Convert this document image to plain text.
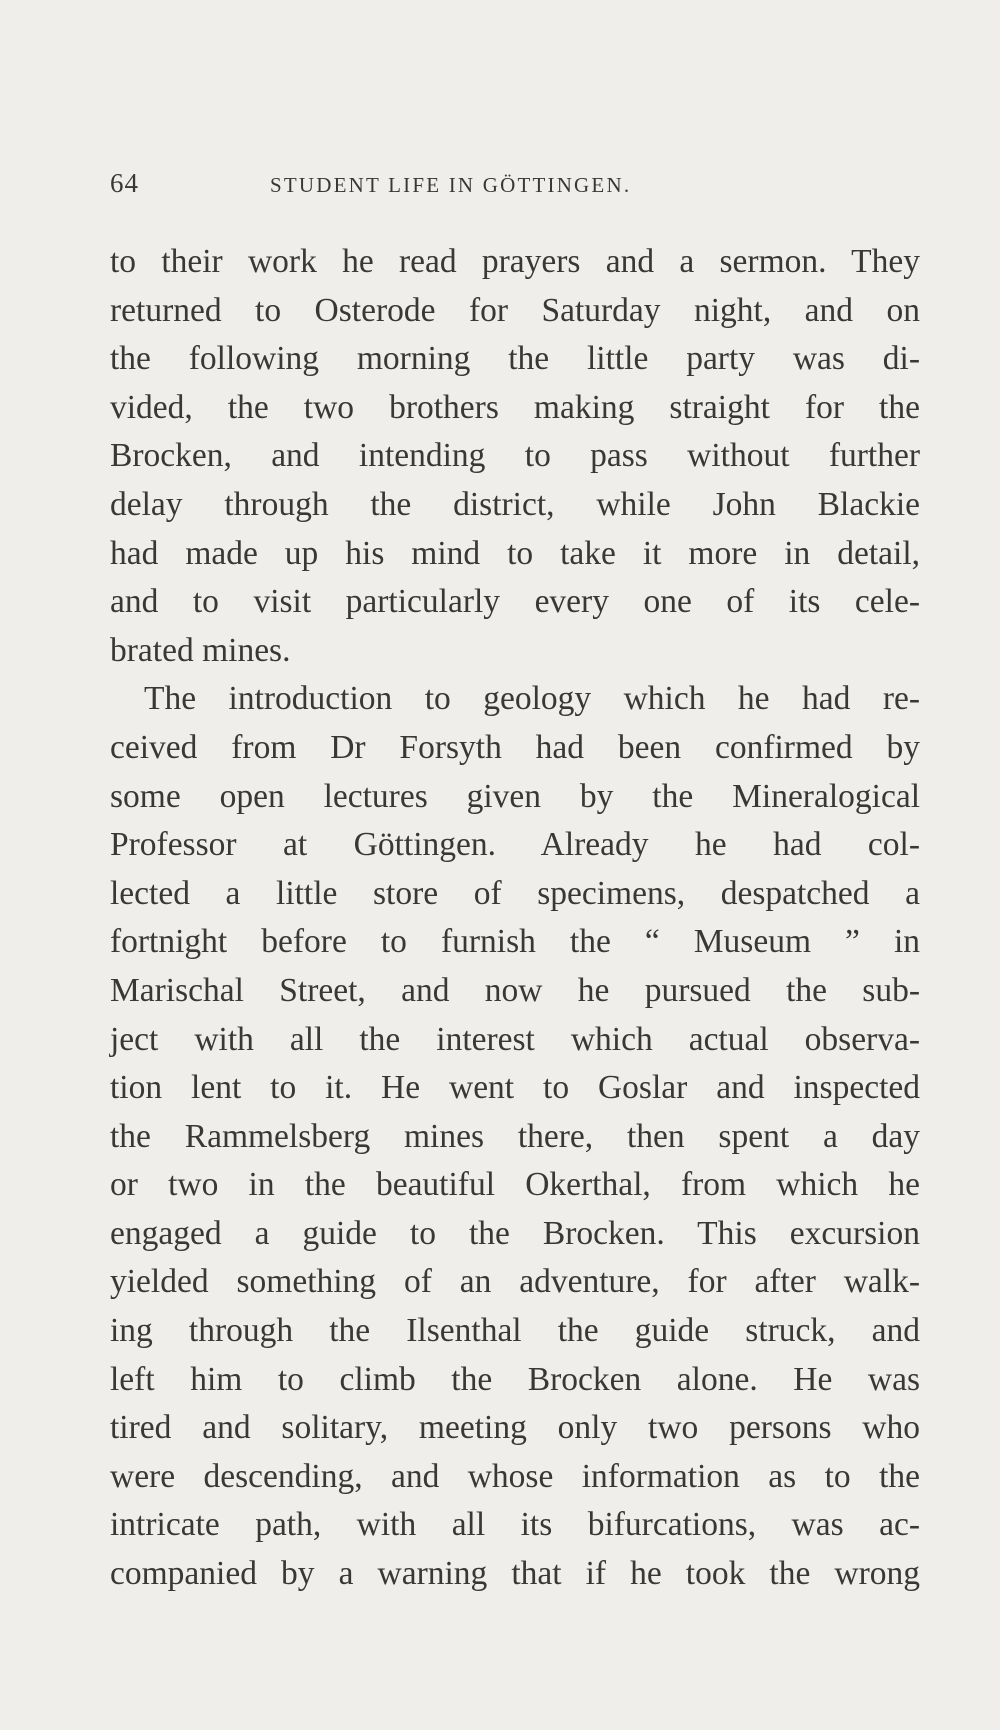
64	STUDENT LIFE IN GÖTTINGEN.
to their work he read prayers and a sermon. They
returned to Osterode for Saturday night, and on
the following morning the little party was di-
vided, the two brothers making straight for the
Brocken, and intending to pass without further
delay through the district, while John Blackie
had made up his mind to take it more in detail,
and to visit particularly every one of its cele-
brated mines.
The introduction to geology which he had re-
ceived from Dr Forsyth had been confirmed by
some open lectures given by the Mineralogical
Professor at Göttingen. Already he had col-
lected a little store of specimens, despatched a
fortnight before to furnish the “ Museum ” in
Marischal Street, and now he pursued the sub-
ject with all the interest which actual observa-
tion lent to it. He went to Goslar and inspected
the Rammelsberg mines there, then spent a day
or two in the beautiful Okerthal, from which he
engaged a guide to the Brocken. This excursion
yielded something of an adventure, for after walk-
ing through the Ilsenthal the guide struck, and
left him to climb the Brocken alone. He was
tired and solitary, meeting only two persons who
were descending, and whose information as to the
intricate path, with all its bifurcations, was ac-
companied by a warning that if he took the wrong
